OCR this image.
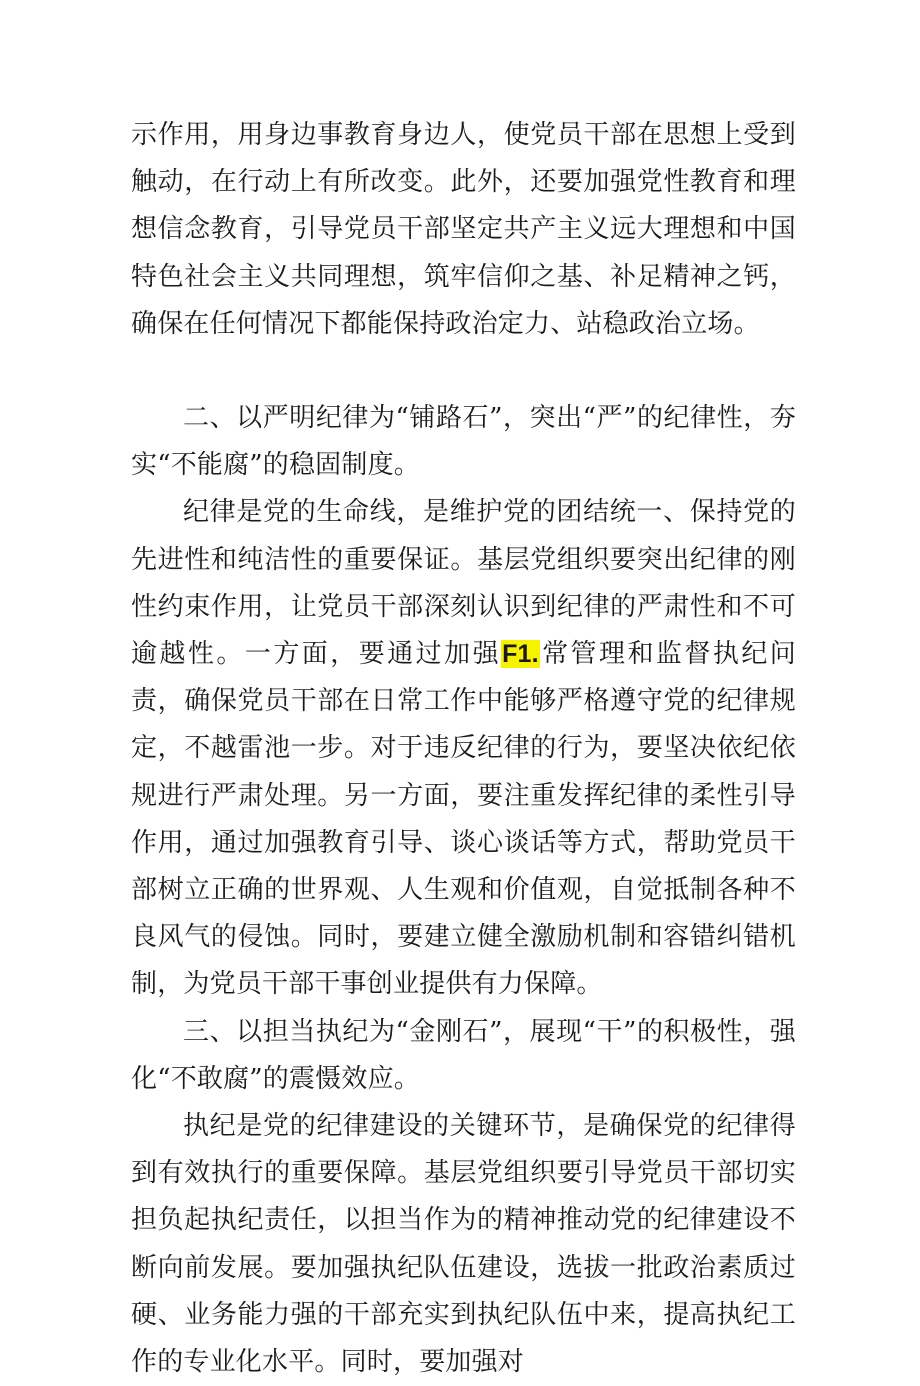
示作用，用身边事教育身边人，使党员干部在思想上受到触动，在行动上有所改变。此外，还要加强党性教育和理想信念教育，引导党员干部坚定共产主义远大理想和中国特色社会主义共同理想，筑牢信仰之基、补足精神之钙，确保在任何情况下都能保持政治定力、站稳政治立场。

二、以严明纪律为“铺路石”，突出“严”的纪律性，夯实“不能腐”的稳固制度。

纪律是党的生命线，是维护党的团结统一、保持党的先进性和纯洁性的重要保证。基层党组织要突出纪律的刚性约束作用，让党员干部深刻认识到纪律的严肃性和不可逾越性。一方面，要通过加强F1.常管理和监督执纪问责，确保党员干部在日常工作中能够严格遵守党的纪律规定，不越雷池一步。对于违反纪律的行为，要坚决依纪依规进行严肃处理。另一方面，要注重发挥纪律的柔性引导作用，通过加强教育引导、谈心谈话等方式，帮助党员干部树立正确的世界观、人生观和价值观，自觉抵制各种不良风气的侵蚀。同时，要建立健全激励机制和容错纠错机制，为党员干部干事创业提供有力保障。

三、以担当执纪为“金刚石”，展现“干”的积极性，强化“不敢腐”的震慑效应。

执纪是党的纪律建设的关键环节，是确保党的纪律得到有效执行的重要保障。基层党组织要引导党员干部切实担负起执纪责任，以担当作为的精神推动党的纪律建设不断向前发展。要加强执纪队伍建设，选拔一批政治素质过硬、业务能力强的干部充实到执纪队伍中来，提高执纪工作的专业化水平。同时，要加强对
